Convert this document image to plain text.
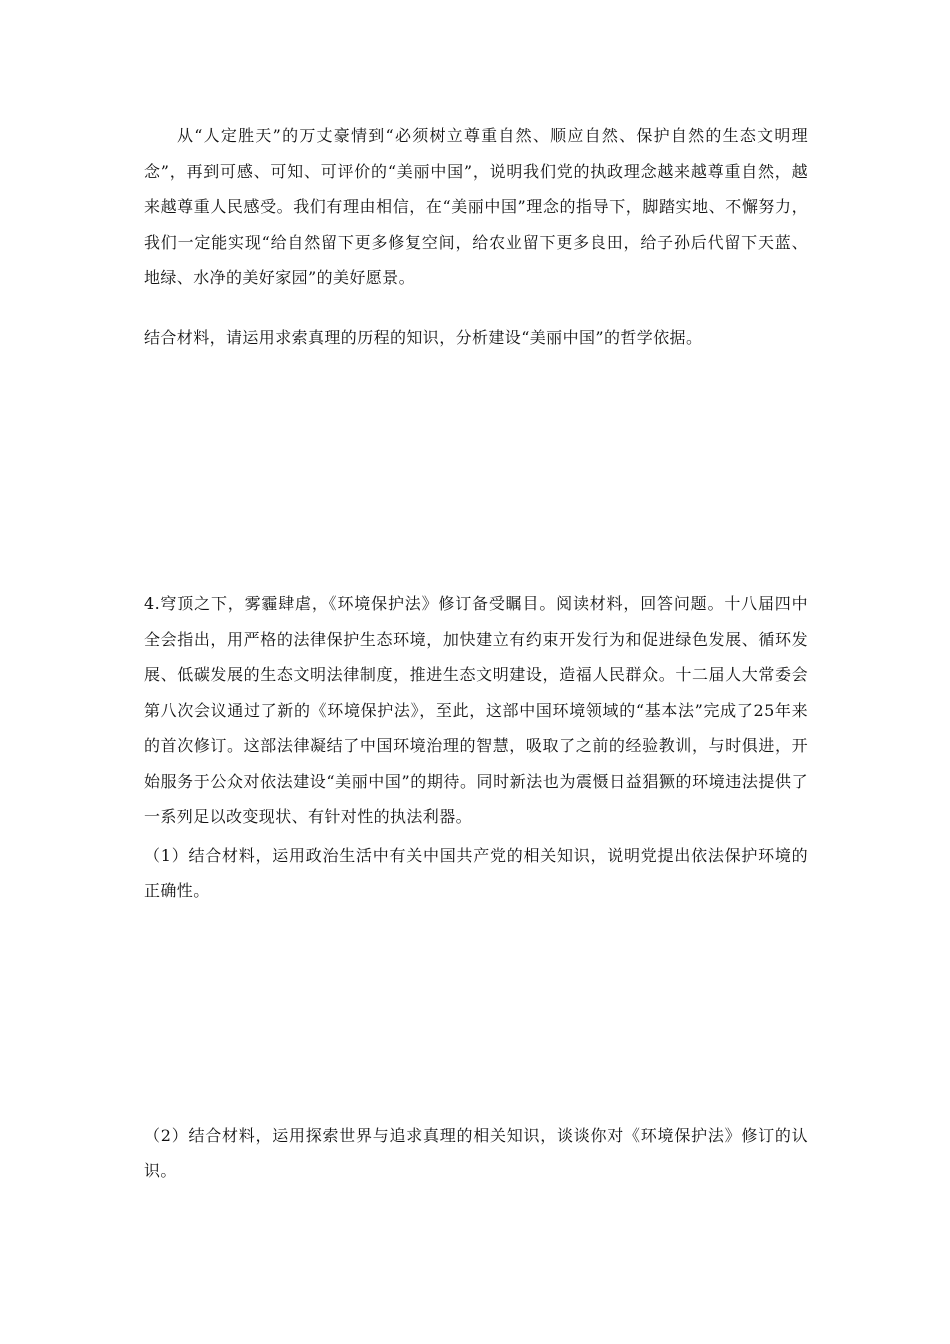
从“人定胜天”的万丈豪情到“必须树立尊重自然、顺应自然、保护自然的生态文明理念”，再到可感、可知、可评价的“美丽中国”，说明我们党的执政理念越来越尊重自然，越来越尊重人民感受。我们有理由相信，在“美丽中国”理念的指导下，脚踏实地、不懈努力，我们一定能实现“给自然留下更多修复空间，给农业留下更多良田，给子孙后代留下天蓝、地绿、水净的美好家园”的美好愿景。

结合材料，请运用求索真理的历程的知识，分析建设“美丽中国”的哲学依据。

4.穹顶之下，雾霾肆虐，《环境保护法》修订备受瞩目。阅读材料，回答问题。十八届四中全会指出，用严格的法律保护生态环境，加快建立有约束开发行为和促进绿色发展、循环发展、低碳发展的生态文明法律制度，推进生态文明建设，造福人民群众。十二届人大常委会第八次会议通过了新的《环境保护法》，至此，这部中国环境领域的“基本法”完成了25年来的首次修订。这部法律凝结了中国环境治理的智慧，吸取了之前的经验教训，与时俱进，开始服务于公众对依法建设“美丽中国”的期待。同时新法也为震慑日益猖獗的环境违法提供了一系列足以改变现状、有针对性的执法利器。

（1）结合材料，运用政治生活中有关中国共产党的相关知识，说明党提出依法保护环境的正确性。

（2）结合材料，运用探索世界与追求真理的相关知识，谈谈你对《环境保护法》修订的认识。
